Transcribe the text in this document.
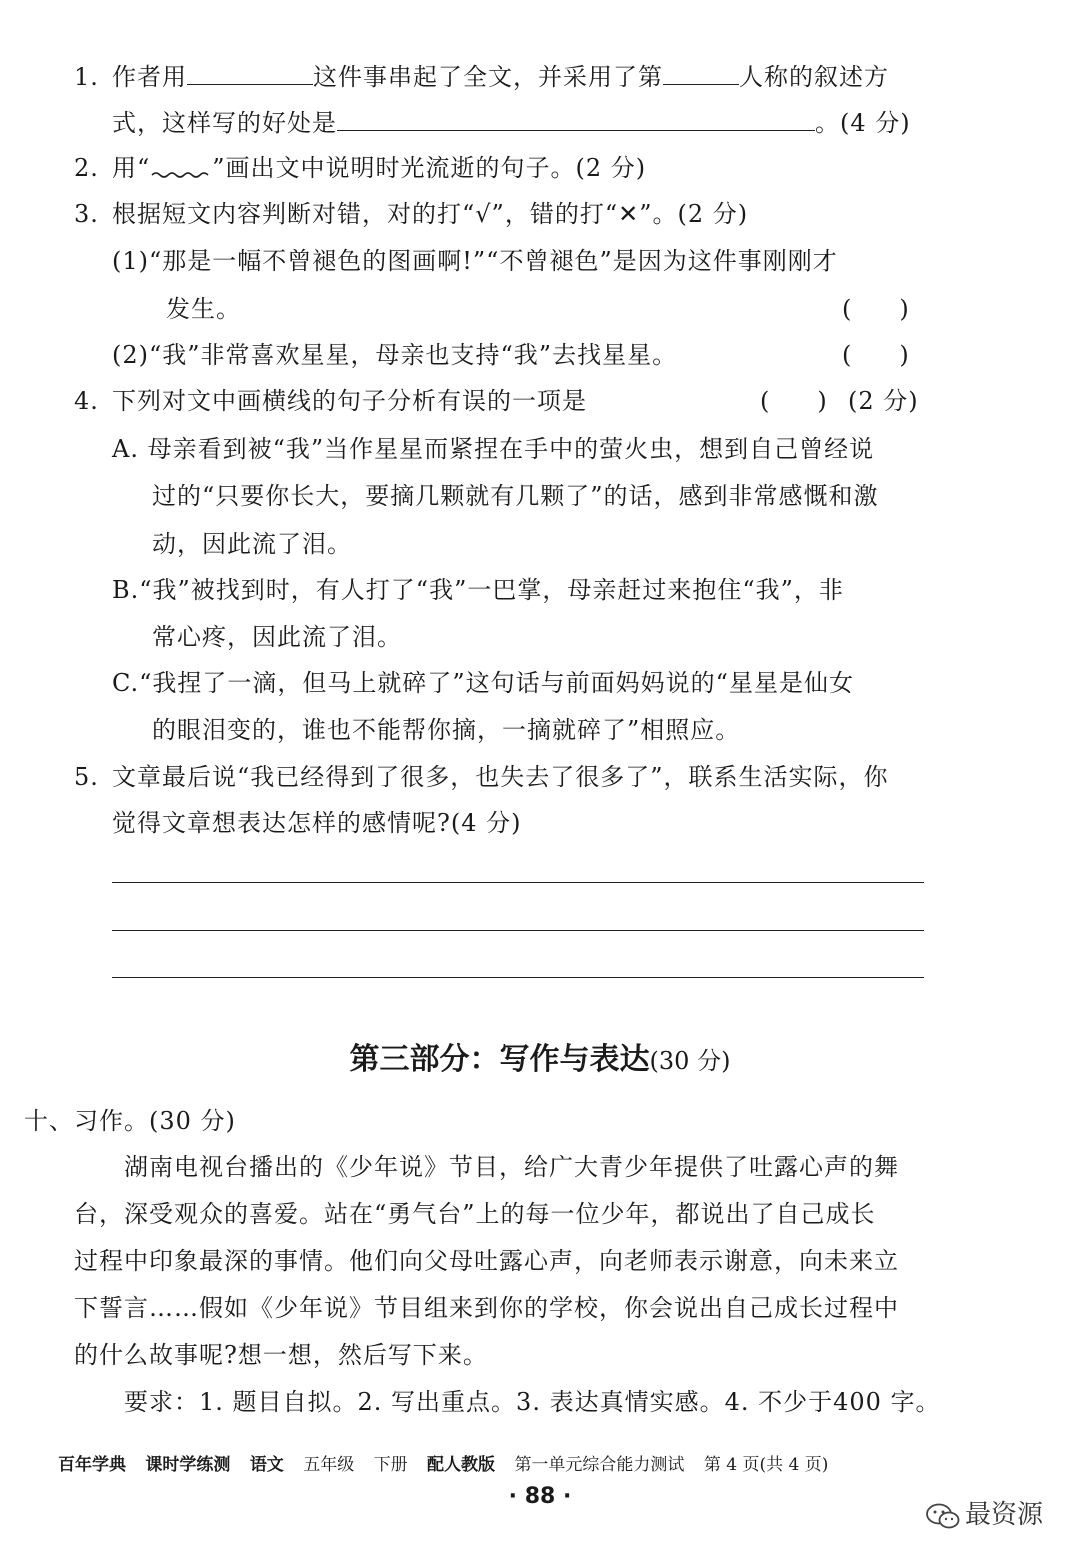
1. 作者用	这件事串起了全文，并采用了第	人称的叙述方
式，这样写的好处是	。(4 分)
2. 用“	”画出文中说明时光流逝的句子。(2 分)
3. 根据短文内容判断对错，对的打“√”，错的打“✕”。(2 分)
(1)“那是一幅不曾褪色的图画啊!”“不曾褪色”是因为这件事刚刚才
发生。	(　　)
(2)“我”非常喜欢星星，母亲也支持“我”去找星星。	(　　)
4. 下列对文中画横线的句子分析有误的一项是	(　　) (2 分)
A. 母亲看到被“我”当作星星而紧捏在手中的萤火虫，想到自己曾经说
过的“只要你长大，要摘几颗就有几颗了”的话，感到非常感慨和激
动，因此流了泪。
B.“我”被找到时，有人打了“我”一巴掌，母亲赶过来抱住“我”，非
常心疼，因此流了泪。
C.“我捏了一滴，但马上就碎了”这句话与前面妈妈说的“星星是仙女
的眼泪变的，谁也不能帮你摘，一摘就碎了”相照应。
5. 文章最后说“我已经得到了很多，也失去了很多了”，联系生活实际，你
觉得文章想表达怎样的感情呢?(4 分)
第三部分：写作与表达(30 分)
十、习作。(30 分)
湖南电视台播出的《少年说》节目，给广大青少年提供了吐露心声的舞
台，深受观众的喜爱。站在“勇气台”上的每一位少年，都说出了自己成长
过程中印象最深的事情。他们向父母吐露心声，向老师表示谢意，向未来立
下誓言……假如《少年说》节目组来到你的学校，你会说出自己成长过程中
的什么故事呢?想一想，然后写下来。
要求：1. 题目自拟。2. 写出重点。3. 表达真情实感。4. 不少于400 字。
百年学典 课时学练测 语文 五年级 下册 配人教版 第一单元综合能力测试 第 4 页(共 4 页)
· 88 ·
最资源
